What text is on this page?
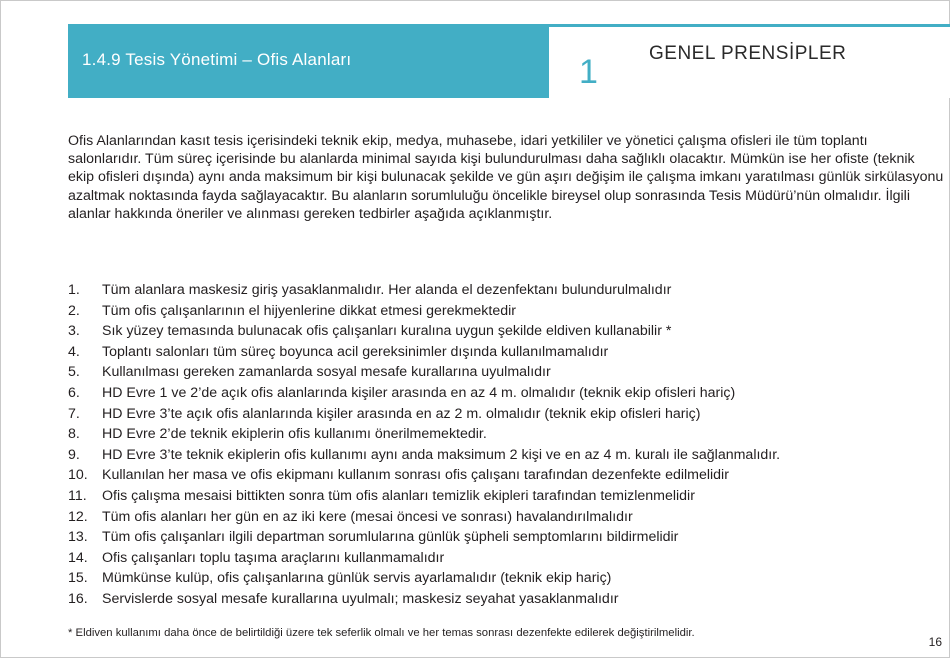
1.4.9 Tesis Yönetimi – Ofis Alanları	1	GENEL PRENSİPLER

Ofis Alanlarından kasıt tesis içerisindeki teknik ekip, medya, muhasebe, idari yetkililer ve yönetici çalışma ofisleri ile tüm toplantı salonlarıdır. Tüm süreç içerisinde bu alanlarda minimal sayıda kişi bulundurulması daha sağlıklı olacaktır. Mümkün ise her ofiste (teknik ekip ofisleri dışında) aynı anda maksimum bir kişi bulunacak şekilde ve gün aşırı değişim ile çalışma imkanı yaratılması günlük sirkülasyonu azaltmak noktasında fayda sağlayacaktır. Bu alanların sorumluluğu öncelikle bireysel olup sonrasında Tesis Müdürü’nün olmalıdır. İlgili alanlar hakkında öneriler ve alınması gereken tedbirler aşağıda açıklanmıştır.

1. Tüm alanlara maskesiz giriş yasaklanmalıdır. Her alanda el dezenfektanı bulundurulmalıdır
2. Tüm ofis çalışanlarının el hijyenlerine dikkat etmesi gerekmektedir
3. Sık yüzey temasında bulunacak ofis çalışanları kuralına uygun şekilde eldiven kullanabilir *
4. Toplantı salonları tüm süreç boyunca acil gereksinimler dışında kullanılmamalıdır
5. Kullanılması gereken zamanlarda sosyal mesafe kurallarına uyulmalıdır
6. HD Evre 1 ve 2’de açık ofis alanlarında kişiler arasında en az 4 m. olmalıdır (teknik ekip ofisleri hariç)
7. HD Evre 3’te açık ofis alanlarında kişiler arasında en az 2 m. olmalıdır (teknik ekip ofisleri hariç)
8. HD Evre 2’de teknik ekiplerin ofis kullanımı önerilmemektedir.
9. HD Evre 3’te teknik ekiplerin ofis kullanımı aynı anda maksimum 2 kişi ve en az 4 m. kuralı ile sağlanmalıdır.
10. Kullanılan her masa ve ofis ekipmanı kullanım sonrası ofis çalışanı tarafından dezenfekte edilmelidir
11. Ofis çalışma mesaisi bittikten sonra tüm ofis alanları temizlik ekipleri tarafından temizlenmelidir
12. Tüm ofis alanları her gün en az iki kere (mesai öncesi ve sonrası) havalandırılmalıdır
13. Tüm ofis çalışanları ilgili departman sorumlularına günlük şüpheli semptomlarını bildirmelidir
14. Ofis çalışanları toplu taşıma araçlarını kullanmamalıdır
15. Mümkünse kulüp, ofis çalışanlarına günlük servis ayarlamalıdır (teknik ekip hariç)
16. Servislerde sosyal mesafe kurallarına uyulmalı; maskesiz seyahat yasaklanmalıdır
* Eldiven kullanımı daha önce de belirtildiği üzere tek seferlik olmalı ve her temas sonrası dezenfekte edilerek değiştirilmelidir.
16
